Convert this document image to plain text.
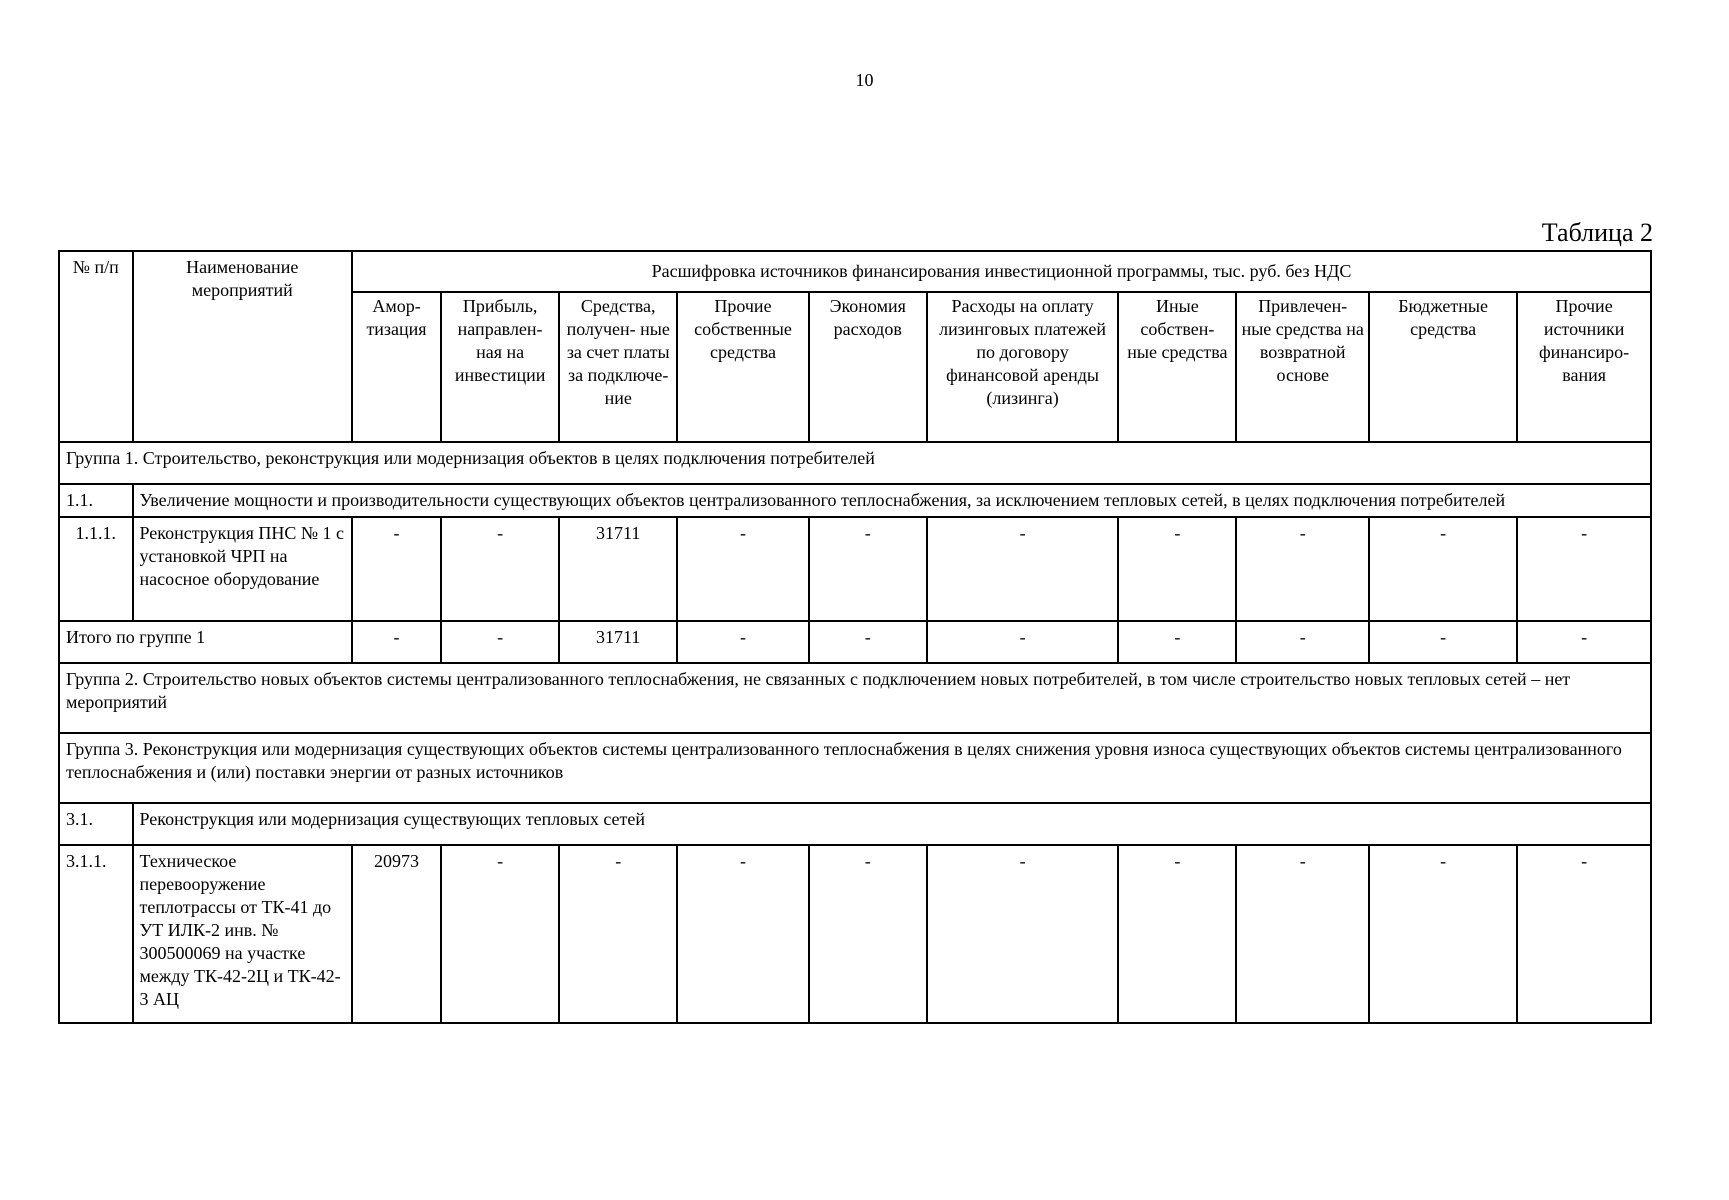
10
Таблица 2
№ п/п	Наименование мероприятий	Расшифровка источников финансирования инвестиционной программы, тыс. руб. без НДС									
		Амор- тизация	Прибыль, направлен- ная на инвестиции	Средства, получен- ные за счет платы за подключе- ние	Прочие собственные средства	Экономия расходов	Расходы на оплату лизинговых платежей по договору финансовой аренды (лизинга)	Иные собствен- ные средства	Привлечен- ные средства на возвратной основе	Бюджетные средства	Прочие источники финансиро- вания
Группа 1. Строительство, реконструкция или модернизация объектов в целях подключения потребителей											
1.1.	Увеличение мощности и производительности существующих объектов централизованного теплоснабжения, за исключением тепловых сетей, в целях подключения потребителей										
1.1.1.	Реконструкция ПНС № 1 с установкой ЧРП на насосное оборудование	-	-	31711	-	-	-	-	-	-	-
Итого по группе 1		-	-	31711	-	-	-	-	-	-	-
Группа 2. Строительство новых объектов системы централизованного теплоснабжения, не связанных с подключением новых потребителей, в том числе строительство новых тепловых сетей – нет мероприятий											
Группа 3. Реконструкция или модернизация существующих объектов системы централизованного теплоснабжения в целях снижения уровня износа существующих объектов системы централизованного теплоснабжения и (или) поставки энергии от разных источников											
3.1.	Реконструкция или модернизация существующих тепловых сетей										
3.1.1.	Техническое перевооружение теплотрассы от ТК-41 до УТ ИЛК-2 инв. № 300500069 на участке между ТК-42-2Ц и ТК-42-3 АЦ	20973	-	-	-	-	-	-	-	-	-
